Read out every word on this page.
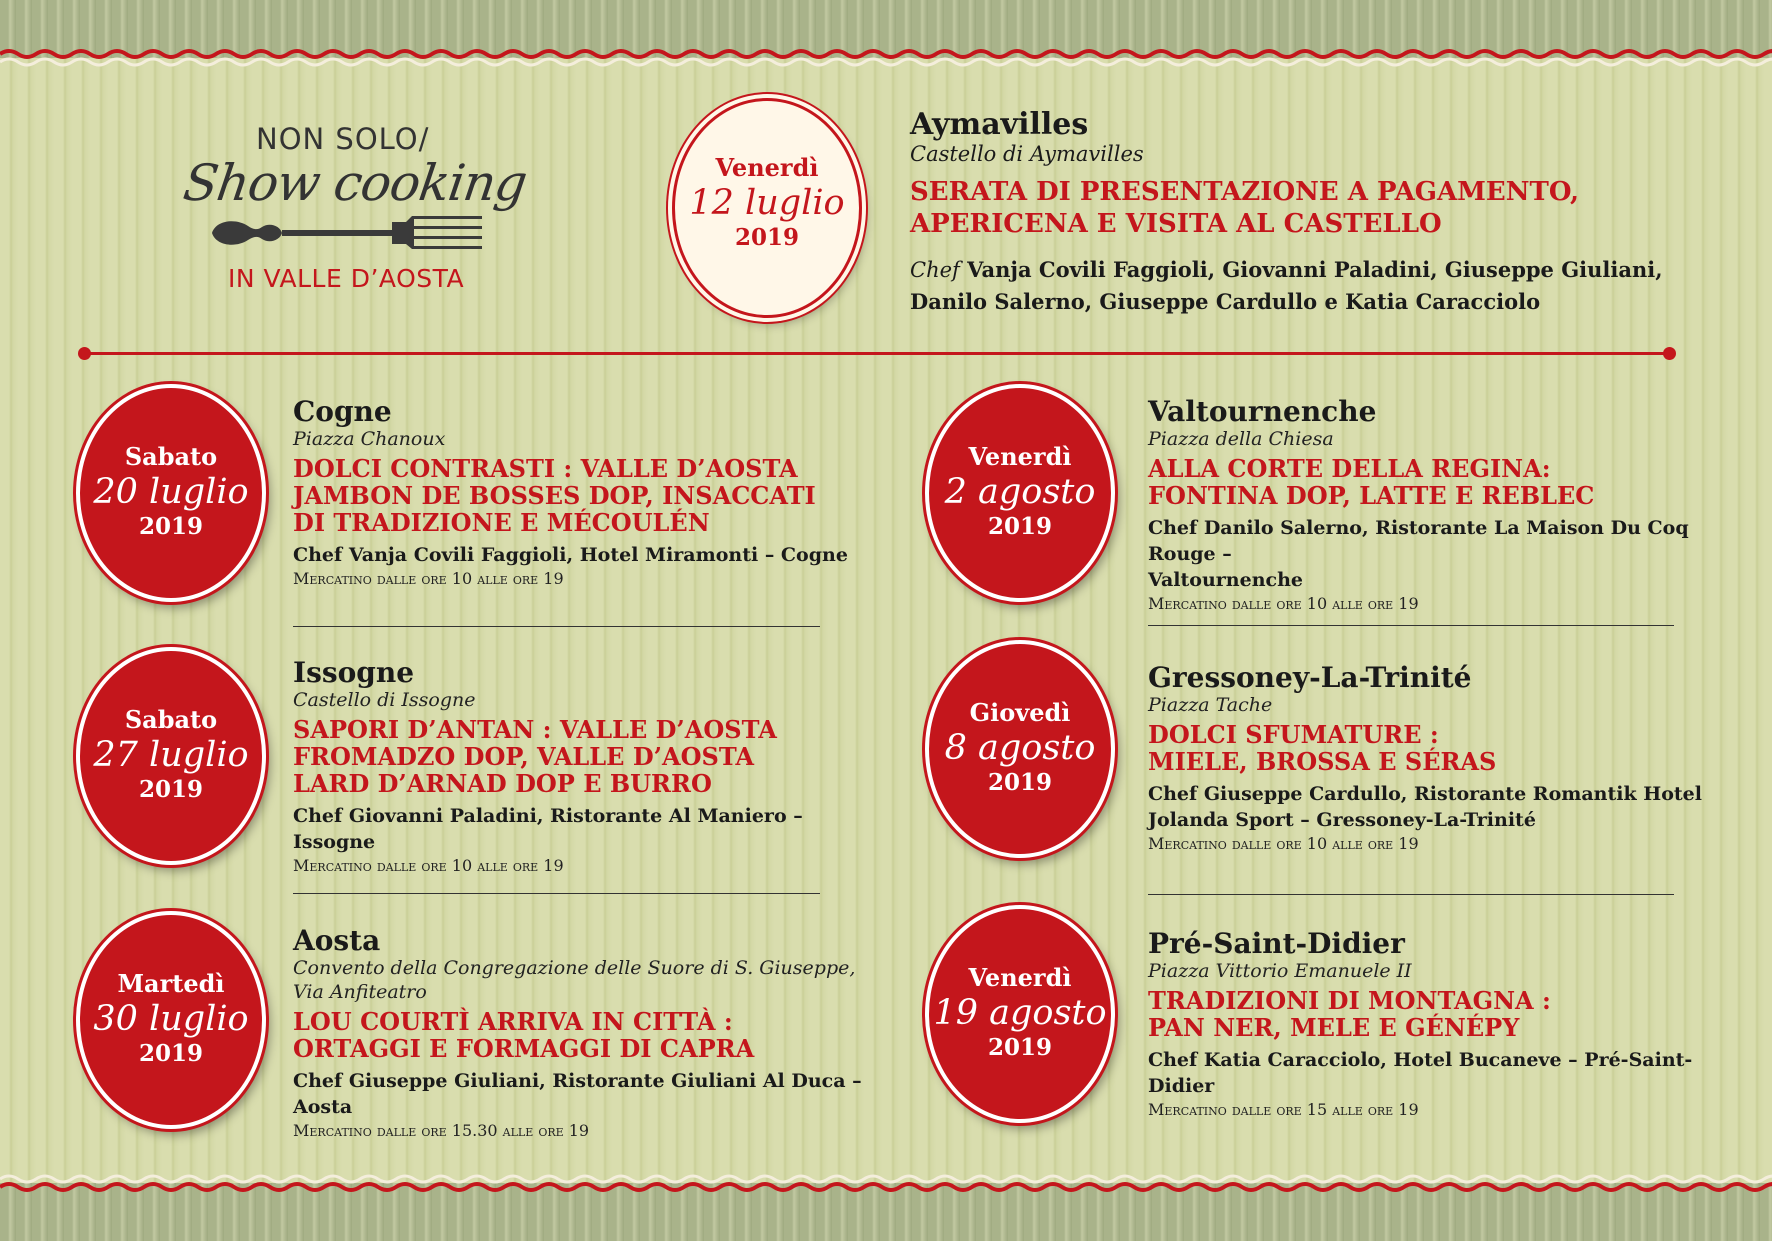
NON SOLO/
Show cooking
IN VALLE D’AOSTA
Venerdì
12 luglio
2019
Aymavilles
Castello di Aymavilles
SERATA DI PRESENTAZIONE A PAGAMENTO,
APERICENA E VISITA AL CASTELLO
Chef Vanja Covili Faggioli, Giovanni Paladini, Giuseppe Giuliani,
Danilo Salerno, Giuseppe Cardullo e Katia Caracciolo
Sabato
20 luglio
2019
Cogne
Piazza Chanoux
DOLCI CONTRASTI : VALLE D’AOSTA
JAMBON DE BOSSES DOP, INSACCATI
DI TRADIZIONE E MÉCOULÉN
Chef Vanja Covili Faggioli, Hotel Miramonti – Cogne
Mercatino dalle ore 10 alle ore 19
Sabato
27 luglio
2019
Issogne
Castello di Issogne
SAPORI D’ANTAN : VALLE D’AOSTA
FROMADZO DOP, VALLE D’AOSTA
LARD D’ARNAD DOP E BURRO
Chef Giovanni Paladini, Ristorante Al Maniero – Issogne
Mercatino dalle ore 10 alle ore 19
Martedì
30 luglio
2019
Aosta
Convento della Congregazione delle Suore di S. Giuseppe,
Via Anfiteatro
LOU COURTÌ ARRIVA IN CITTÀ :
ORTAGGI E FORMAGGI DI CAPRA
Chef Giuseppe Giuliani, Ristorante Giuliani Al Duca – Aosta
Mercatino dalle ore 15.30 alle ore 19
Venerdì
2 agosto
2019
Valtournenche
Piazza della Chiesa
ALLA CORTE DELLA REGINA:
FONTINA DOP, LATTE E REBLEC
Chef Danilo Salerno, Ristorante La Maison Du Coq Rouge –
Valtournenche
Mercatino dalle ore 10 alle ore 19
Giovedì
8 agosto
2019
Gressoney-La-Trinité
Piazza Tache
DOLCI SFUMATURE :
MIELE, BROSSA E SÉRAS
Chef Giuseppe Cardullo, Ristorante Romantik Hotel
Jolanda Sport – Gressoney-La-Trinité
Mercatino dalle ore 10 alle ore 19
Venerdì
19 agosto
2019
Pré-Saint-Didier
Piazza Vittorio Emanuele II
TRADIZIONI DI MONTAGNA :
PAN NER, MELE E GÉNÉPY
Chef Katia Caracciolo, Hotel Bucaneve – Pré-Saint-Didier
Mercatino dalle ore 15 alle ore 19
